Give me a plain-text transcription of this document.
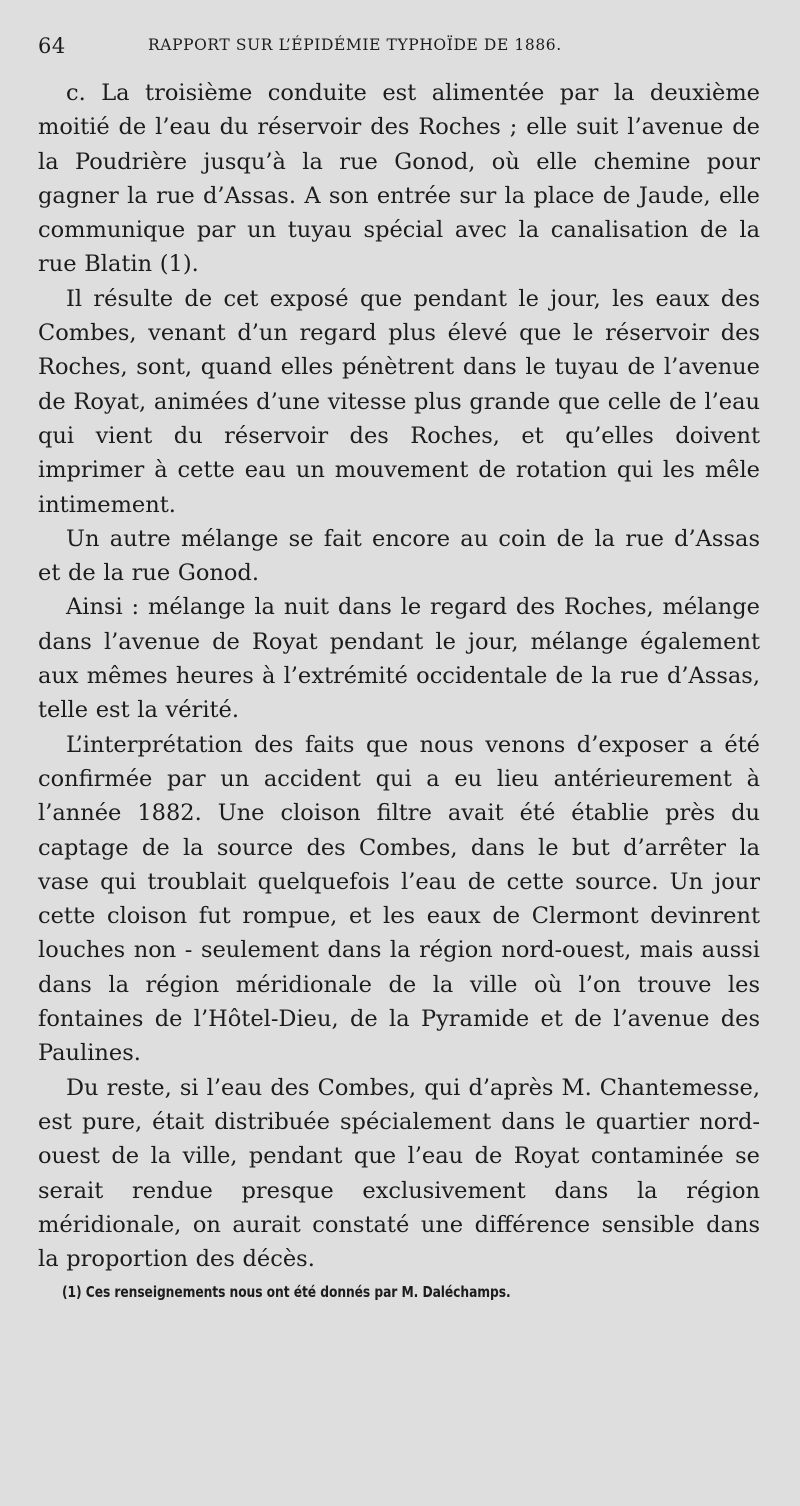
64	RAPPORT SUR L’ÉPIDÉMIE TYPHOÏDE DE 1886.

c. La troisième conduite est alimentée par la deuxième moitié de l’eau du réservoir des Roches ; elle suit l’avenue de la Poudrière jusqu’à la rue Gonod, où elle chemine pour gagner la rue d’Assas. A son entrée sur la place de Jaude, elle communique par un tuyau spécial avec la canalisation de la rue Blatin (1).

Il résulte de cet exposé que pendant le jour, les eaux des Combes, venant d’un regard plus élevé que le réservoir des Roches, sont, quand elles pénètrent dans le tuyau de l’avenue de Royat, animées d’une vitesse plus grande que celle de l’eau qui vient du réservoir des Roches, et qu’elles doivent imprimer à cette eau un mouvement de rotation qui les mêle intimement.

Un autre mélange se fait encore au coin de la rue d’Assas et de la rue Gonod.

Ainsi : mélange la nuit dans le regard des Roches, mélange dans l’avenue de Royat pendant le jour, mélange également aux mêmes heures à l’extrémité occidentale de la rue d’Assas, telle est la vérité.

L’interprétation des faits que nous venons d’exposer a été confirmée par un accident qui a eu lieu antérieurement à l’année 1882. Une cloison filtre avait été établie près du captage de la source des Combes, dans le but d’arrêter la vase qui troublait quelquefois l’eau de cette source. Un jour cette cloison fut rompue, et les eaux de Clermont devinrent louches non - seulement dans la région nord-ouest, mais aussi dans la région méridionale de la ville où l’on trouve les fontaines de l’Hôtel-Dieu, de la Pyramide et de l’avenue des Paulines.

Du reste, si l’eau des Combes, qui d’après M. Chantemesse, est pure, était distribuée spécialement dans le quartier nord-ouest de la ville, pendant que l’eau de Royat contaminée se serait rendue presque exclusivement dans la région méridionale, on aurait constaté une différence sensible dans la proportion des décès.

(1) Ces renseignements nous ont été donnés par M. Daléchamps.
